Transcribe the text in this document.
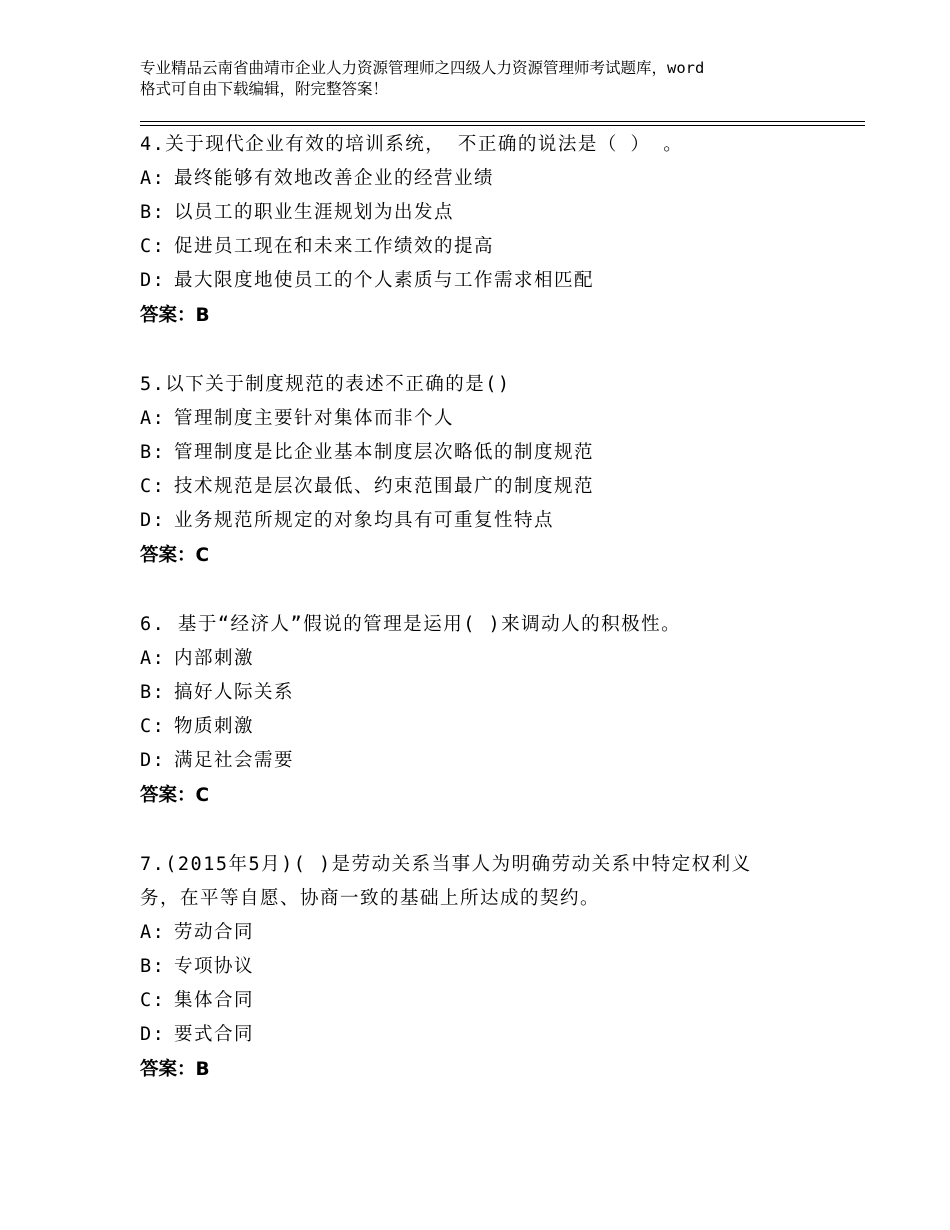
专业精品云南省曲靖市企业人力资源管理师之四级人力资源管理师考试题库，word
格式可自由下载编辑，附完整答案！
4.关于现代企业有效的培训系统， 不正确的说法是（ ） 。
A: 最终能够有效地改善企业的经营业绩
B: 以员工的职业生涯规划为出发点
C: 促进员工现在和未来工作绩效的提高
D: 最大限度地使员工的个人素质与工作需求相匹配
答案：B
5.以下关于制度规范的表述不正确的是()
A: 管理制度主要针对集体而非个人
B: 管理制度是比企业基本制度层次略低的制度规范
C: 技术规范是层次最低、约束范围最广的制度规范
D: 业务规范所规定的对象均具有可重复性特点
答案：C
6. 基于“经济人”假说的管理是运用( )来调动人的积极性。
A: 内部刺激
B: 搞好人际关系
C: 物质刺激
D: 满足社会需要
答案：C
7.(2015年5月)( )是劳动关系当事人为明确劳动关系中特定权利义
务，在平等自愿、协商一致的基础上所达成的契约。
A: 劳动合同
B: 专项协议
C: 集体合同
D: 要式合同
答案：B
